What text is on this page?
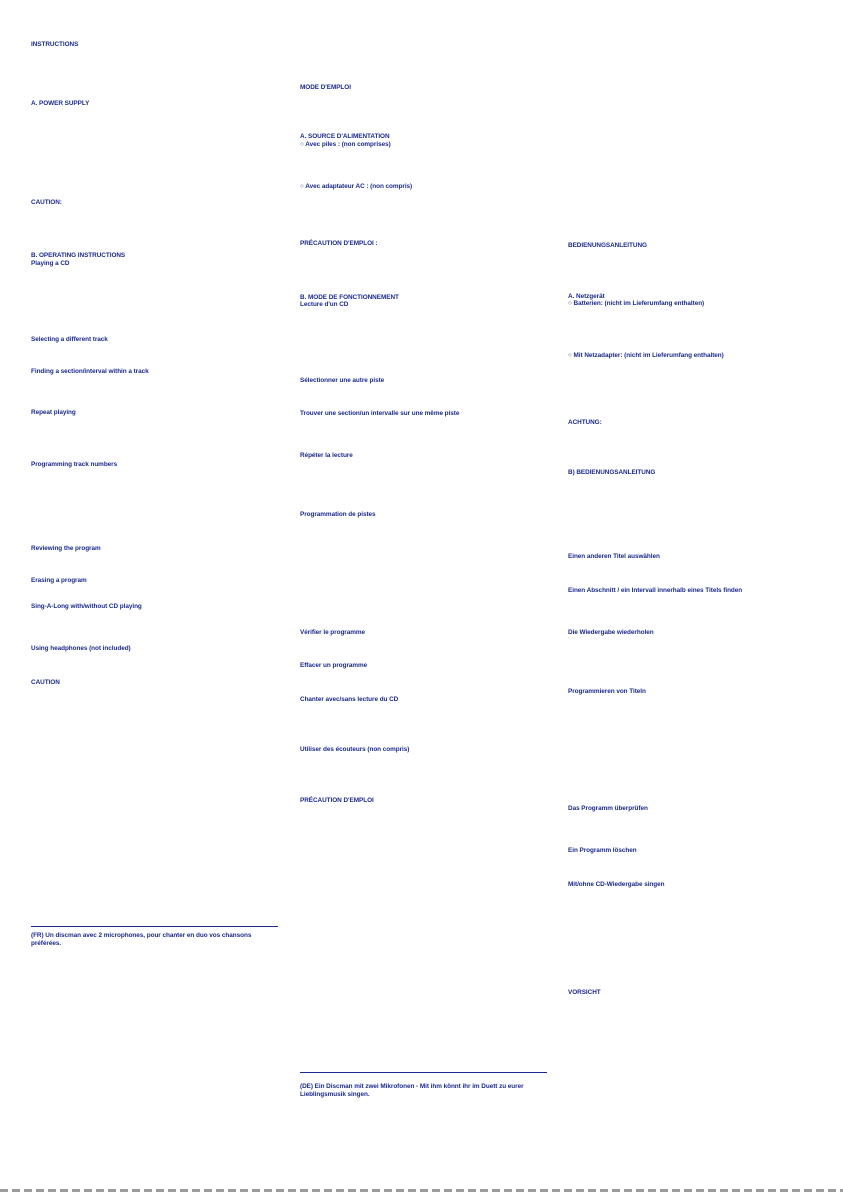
INSTRUCTIONS
A. POWER SUPPLY
CAUTION:
B. OPERATING INSTRUCTIONS
Playing a CD
Selecting a different track
Finding a section/interval within a track
Repeat playing
Programming track numbers
Reviewing the program
Erasing a program
Sing-A-Long with/without CD playing
Using headphones (not included)
CAUTION
(FR) Un discman avec 2 microphones, pour chanter en duo vos chansons
préférées.
MODE D'EMPLOI
A. SOURCE D'ALIMENTATION
○ Avec piles : (non comprises)
○ Avec adaptateur AC : (non compris)
PRÉCAUTION D'EMPLOI :
B. MODE DE FONCTIONNEMENT
Lecture d'un CD
Sélectionner une autre piste
Trouver une section/un intervalle sur une même piste
Répéter la lecture
Programmation de pistes
Vérifier le programme
Effacer un programme
Chanter avec/sans lecture du CD
Utiliser des écouteurs (non compris)
PRÉCAUTION D'EMPLOI
(DE) Ein Discman mit zwei Mikrofonen - Mit ihm könnt ihr im Duett zu eurer
Lieblingsmusik singen.
BEDIENUNGSANLEITUNG
A. Netzgerät
○ Batterien: (nicht im Lieferumfang enthalten)
○ Mit Netzadapter: (nicht im Lieferumfang enthalten)
ACHTUNG:
B) BEDIENUNGSANLEITUNG
Einen anderen Titel auswählen
Einen Abschnitt / ein Intervall innerhalb eines Titels finden
Die Wiedergabe wiederholen
Programmieren von Titeln
Das Programm überprüfen
Ein Programm löschen
Mit/ohne CD-Wiedergabe singen
VORSICHT
